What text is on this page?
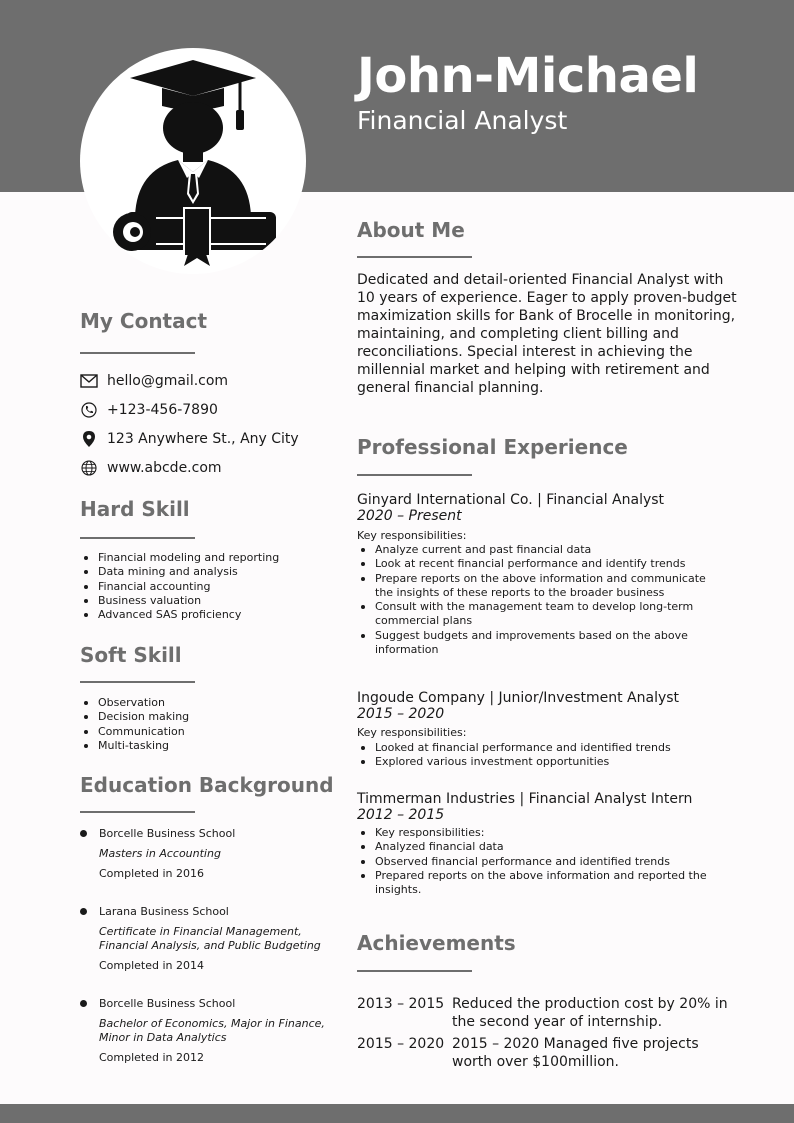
John-Michael
Financial Analyst
My Contact
hello@gmail.com
+123-456-7890
123 Anywhere St., Any City
www.abcde.com
Hard Skill
Financial modeling and reporting
Data mining and analysis
Financial accounting
Business valuation
Advanced SAS proficiency
Soft Skill
Observation
Decision making
Communication
Multi-tasking
Education Background
Borcelle Business School
Masters in Accounting
Completed in 2016
Larana Business School
Certificate in Financial Management, Financial Analysis, and Public Budgeting
Completed in 2014
Borcelle Business School
Bachelor of Economics, Major in Finance, Minor in Data Analytics
Completed in 2012
About Me
Dedicated and detail-oriented Financial Analyst with 10 years of experience. Eager to apply proven-budget maximization skills for Bank of Brocelle in monitoring, maintaining, and completing client billing and reconciliations. Special interest in achieving the millennial market and helping with retirement and general financial planning.
Professional Experience
Ginyard International Co. | Financial Analyst
2020 – Present
Key responsibilities:
Analyze current and past financial data
Look at recent financial performance and identify trends
Prepare reports on the above information and communicate the insights of these reports to the broader business
Consult with the management team to develop long-term commercial plans
Suggest budgets and improvements based on the above information
Ingoude Company | Junior/Investment Analyst
2015 – 2020
Key responsibilities:
Looked at financial performance and identified trends
Explored various investment opportunities
Timmerman Industries | Financial Analyst Intern
2012 – 2015
Key responsibilities:
Analyzed financial data
Observed financial performance and identified trends
Prepared reports on the above information and reported the insights.
Achievements
2013 – 2015 Reduced the production cost by 20% in the second year of internship.
2015 – 2020 2015 – 2020 Managed five projects worth over $100million.
